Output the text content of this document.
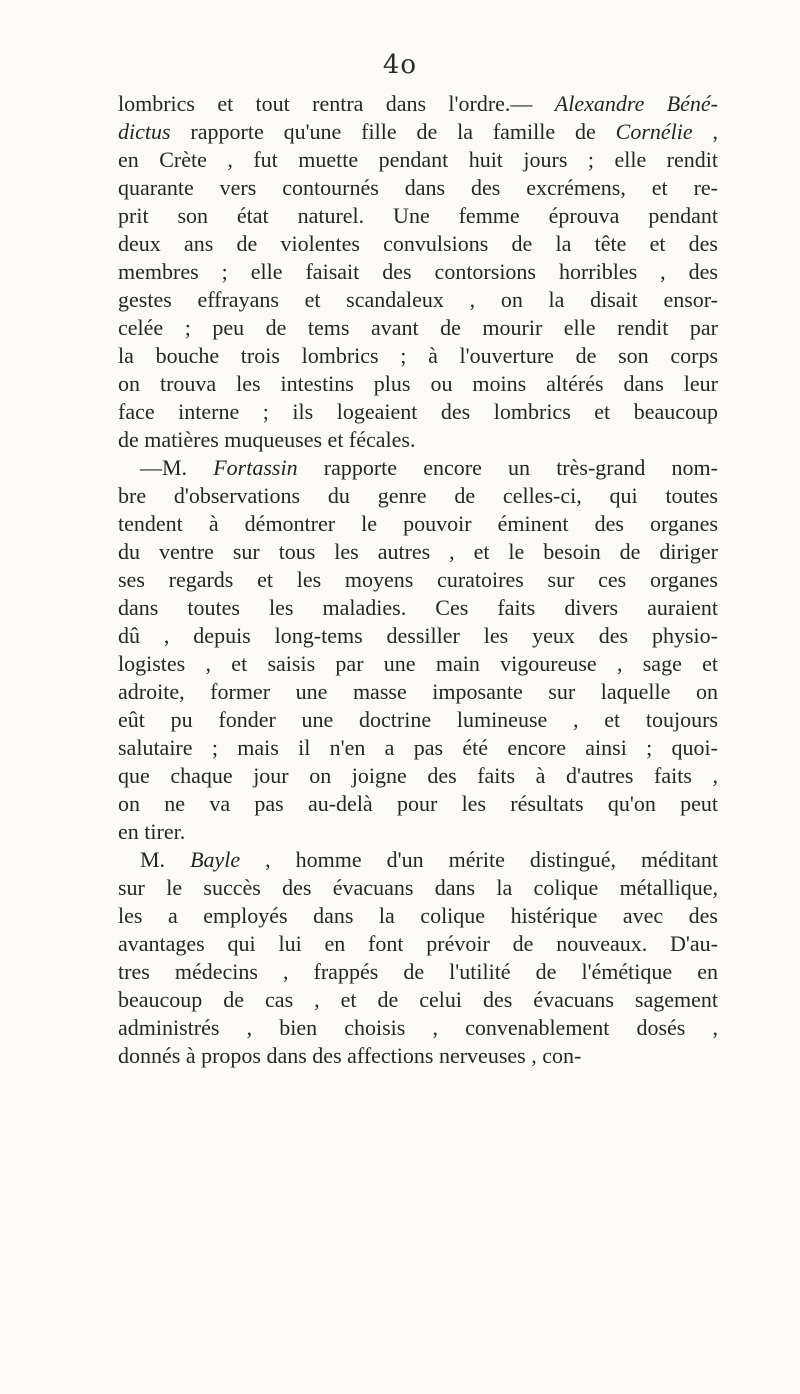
4o
lombrics et tout rentra dans l'ordre.— Alexandre Béné-
dictus rapporte qu'une fille de la famille de Cornélie ,
en Crète , fut muette pendant huit jours ; elle rendit
quarante vers contournés dans des excrémens, et re-
prit son état naturel. Une femme éprouva pendant
deux ans de violentes convulsions de la tête et des
membres ; elle faisait des contorsions horribles , des
gestes effrayans et scandaleux , on la disait ensor-
celée ; peu de tems avant de mourir elle rendit par
la bouche trois lombrics ; à l'ouverture de son corps
on trouva les intestins plus ou moins altérés dans leur
face interne ; ils logeaient des lombrics et beaucoup
de matières muqueuses et fécales.
—M. Fortassin rapporte encore un très-grand nom-
bre d'observations du genre de celles-ci, qui toutes
tendent à démontrer le pouvoir éminent des organes
du ventre sur tous les autres , et le besoin de diriger
ses regards et les moyens curatoires sur ces organes
dans toutes les maladies. Ces faits divers auraient
dû , depuis long-tems dessiller les yeux des physio-
logistes , et saisis par une main vigoureuse , sage et
adroite, former une masse imposante sur laquelle on
eût pu fonder une doctrine lumineuse , et toujours
salutaire ; mais il n'en a pas été encore ainsi ; quoi-
que chaque jour on joigne des faits à d'autres faits ,
on ne va pas au-delà pour les résultats qu'on peut
en tirer.
M. Bayle , homme d'un mérite distingué, méditant
sur le succès des évacuans dans la colique métallique,
les a employés dans la colique histérique avec des
avantages qui lui en font prévoir de nouveaux. D'au-
tres médecins , frappés de l'utilité de l'émétique en
beaucoup de cas , et de celui des évacuans sagement
administrés , bien choisis , convenablement dosés ,
donnés à propos dans des affections nerveuses , con-
